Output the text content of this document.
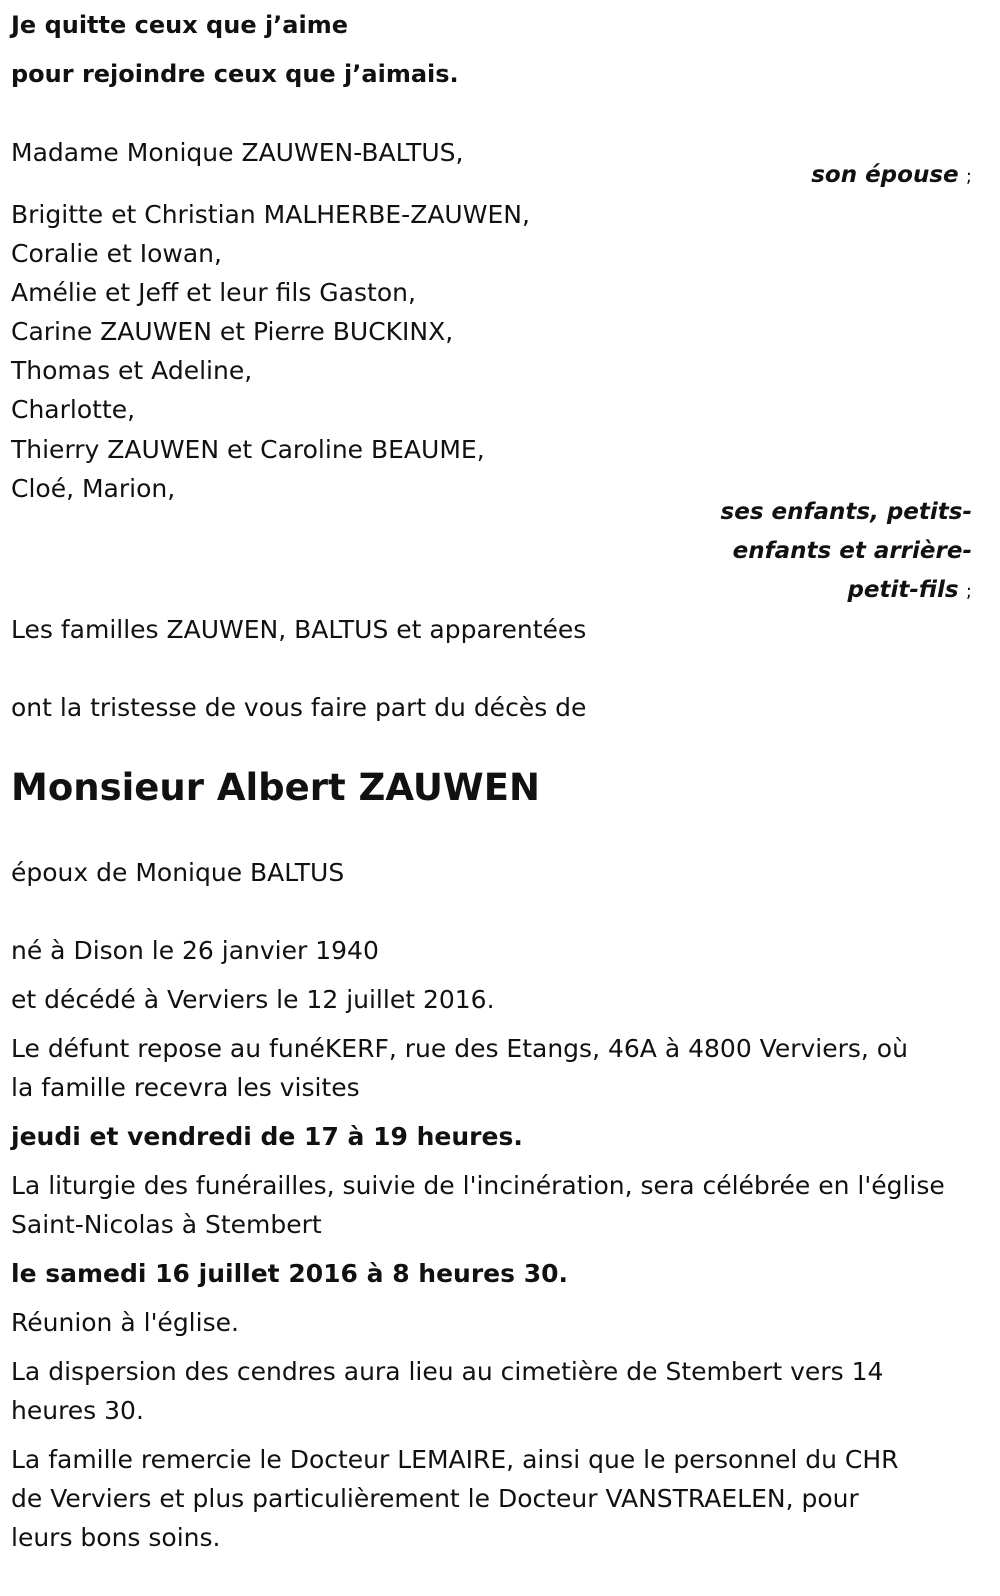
Je quitte ceux que j’aime
pour rejoindre ceux que j’aimais.
Madame Monique ZAUWEN-BALTUS,
son épouse ;
Brigitte et Christian MALHERBE-ZAUWEN,
Coralie et Iowan,
Amélie et Jeff et leur fils Gaston,
Carine ZAUWEN et Pierre BUCKINX,
Thomas et Adeline,
Charlotte,
Thierry ZAUWEN et Caroline BEAUME,
Cloé, Marion,
ses enfants, petits-
enfants et arrière-
petit-fils ;
Les familles ZAUWEN, BALTUS et apparentées
ont la tristesse de vous faire part du décès de
Monsieur Albert ZAUWEN
époux de Monique BALTUS
né à Dison le 26 janvier 1940
et décédé à Verviers le 12 juillet 2016.
Le défunt repose au funéKERF, rue des Etangs, 46A à 4800 Verviers, où
la famille recevra les visites
jeudi et vendredi de 17 à 19 heures.
La liturgie des funérailles, suivie de l'incinération, sera célébrée en l'église
Saint-Nicolas à Stembert
le samedi 16 juillet 2016 à 8 heures 30.
Réunion à l'église.
La dispersion des cendres aura lieu au cimetière de Stembert vers 14
heures 30.
La famille remercie le Docteur LEMAIRE, ainsi que le personnel du CHR
de Verviers et plus particulièrement le Docteur VANSTRAELEN, pour
leurs bons soins.
